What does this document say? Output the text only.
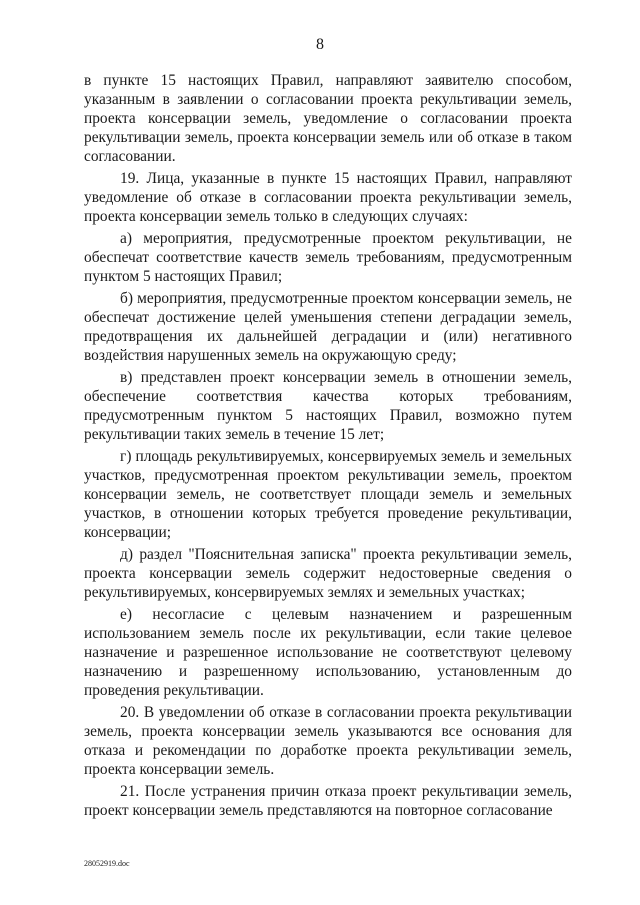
8

в пункте 15 настоящих Правил, направляют заявителю способом, указанным в заявлении о согласовании проекта рекультивации земель, проекта консервации земель, уведомление о согласовании проекта рекультивации земель, проекта консервации земель или об отказе в таком согласовании.

19. Лица, указанные в пункте 15 настоящих Правил, направляют уведомление об отказе в согласовании проекта рекультивации земель, проекта консервации земель только в следующих случаях:

а) мероприятия, предусмотренные проектом рекультивации, не обеспечат соответствие качеств земель требованиям, предусмотренным пунктом 5 настоящих Правил;

б) мероприятия, предусмотренные проектом консервации земель, не обеспечат достижение целей уменьшения степени деградации земель, предотвращения их дальнейшей деградации и (или) негативного воздействия нарушенных земель на окружающую среду;

в) представлен проект консервации земель в отношении земель, обеспечение соответствия качества которых требованиям, предусмотренным пунктом 5 настоящих Правил, возможно путем рекультивации таких земель в течение 15 лет;

г) площадь рекультивируемых, консервируемых земель и земельных участков, предусмотренная проектом рекультивации земель, проектом консервации земель, не соответствует площади земель и земельных участков, в отношении которых требуется проведение рекультивации, консервации;

д) раздел "Пояснительная записка" проекта рекультивации земель, проекта консервации земель содержит недостоверные сведения о рекультивируемых, консервируемых землях и земельных участках;

е) несогласие с целевым назначением и разрешенным использованием земель после их рекультивации, если такие целевое назначение и разрешенное использование не соответствуют целевому назначению и разрешенному использованию, установленным до проведения рекультивации.

20. В уведомлении об отказе в согласовании проекта рекультивации земель, проекта консервации земель указываются все основания для отказа и рекомендации по доработке проекта рекультивации земель, проекта консервации земель.

21. После устранения причин отказа проект рекультивации земель, проект консервации земель представляются на повторное согласование

28052919.doc
